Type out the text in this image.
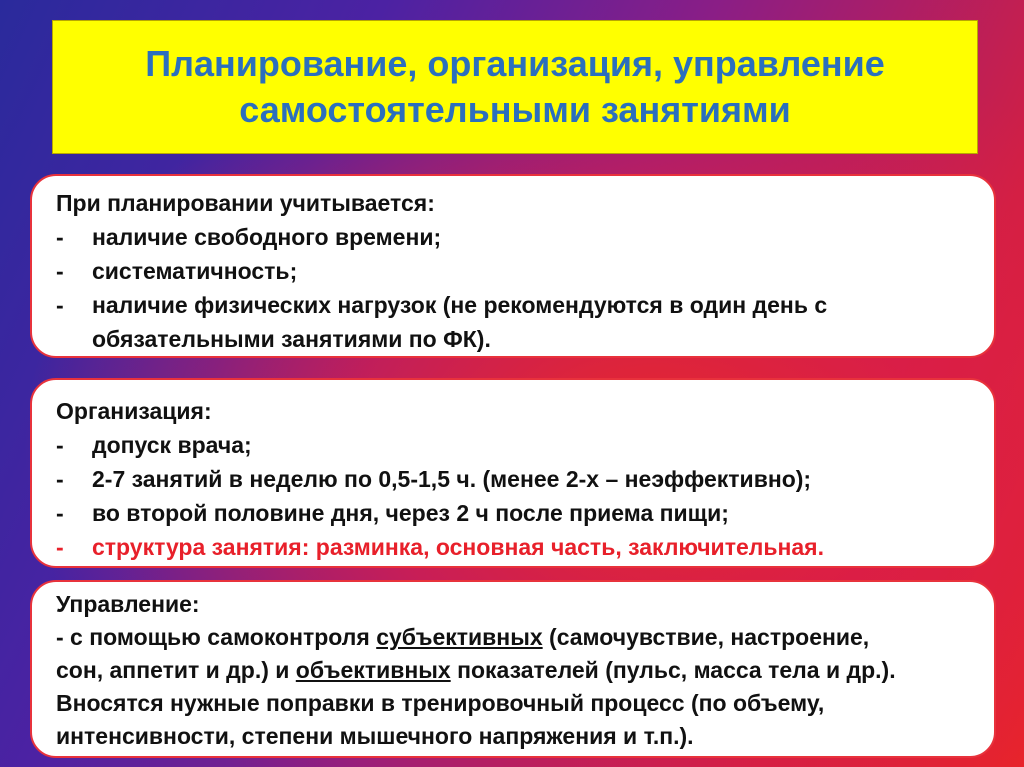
Планирование, организация, управление
самостоятельными занятиями
При планировании учитывается:
-	наличие свободного времени;
-	систематичность;
-	наличие физических нагрузок (не рекомендуются в один день с
обязательными занятиями по ФК).
Организация:
-	допуск врача;
-	2-7 занятий в неделю по 0,5-1,5 ч. (менее 2-х – неэффективно);
-	во второй половине дня, через 2 ч после приема пищи;
-	структура занятия: разминка, основная часть, заключительная.
Управление:
- с помощью самоконтроля субъективных (самочувствие, настроение,
сон, аппетит и др.) и объективных показателей (пульс, масса тела и др.).
Вносятся нужные поправки в тренировочный процесс (по объему,
интенсивности, степени мышечного напряжения и т.п.).
